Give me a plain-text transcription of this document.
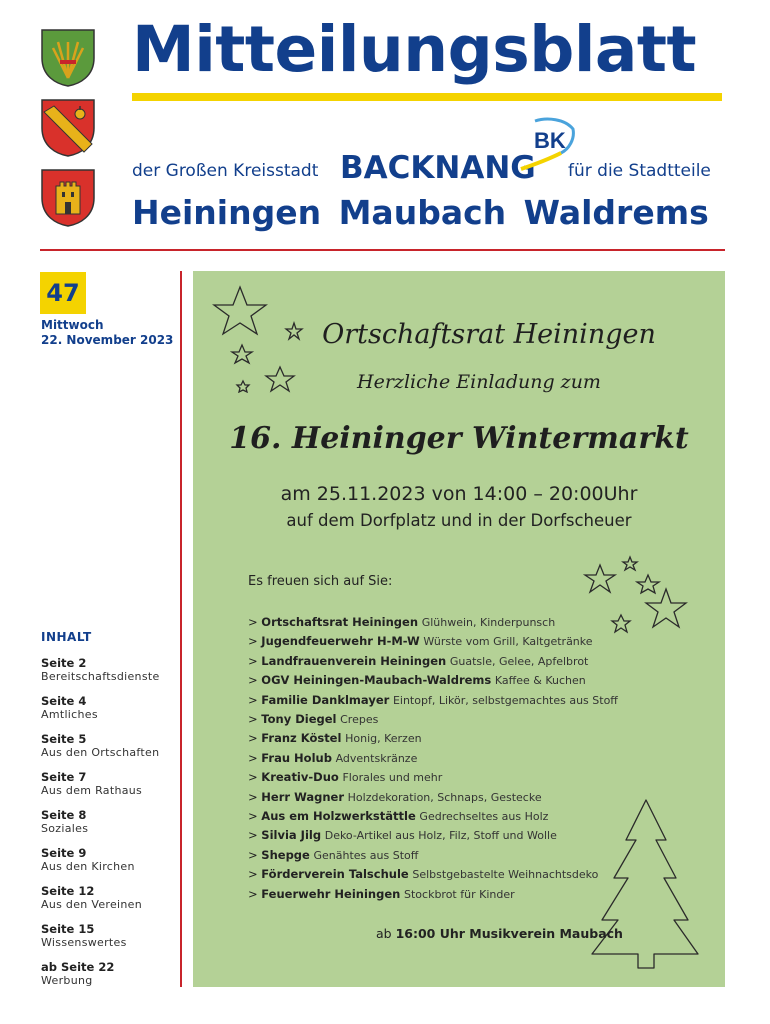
Mitteilungsblatt
der Großen Kreisstadt BACKNANG
BK
für die Stadtteile
Heiningen Maubach Waldrems
47
Mittwoch
22. November 2023
INHALT
Seite 2
Bereitschaftsdienste
Seite 4
Amtliches
Seite 5
Aus den Ortschaften
Seite 7
Aus dem Rathaus
Seite 8
Soziales
Seite 9
Aus den Kirchen
Seite 12
Aus den Vereinen
Seite 15
Wissenswertes
ab Seite 22
Werbung
Ortschaftsrat Heiningen
Herzliche Einladung zum
16. Heininger Wintermarkt
am 25.11.2023 von 14:00 – 20:00Uhr
auf dem Dorfplatz und in der Dorfscheuer
Es freuen sich auf Sie:
> Ortschaftsrat Heiningen Glühwein, Kinderpunsch
> Jugendfeuerwehr H-M-W Würste vom Grill, Kaltgetränke
> Landfrauenverein Heiningen Guatsle, Gelee, Apfelbrot
> OGV Heiningen-Maubach-Waldrems Kaffee & Kuchen
> Familie Danklmayer Eintopf, Likör, selbstgemachtes aus Stoff
> Tony Diegel Crepes
> Franz Köstel Honig, Kerzen
> Frau Holub Adventskränze
> Kreativ-Duo Florales und mehr
> Herr Wagner Holzdekoration, Schnaps, Gestecke
> Aus em Holzwerkstättle Gedrechseltes aus Holz
> Silvia Jilg Deko-Artikel aus Holz, Filz, Stoff und Wolle
> Shepge Genähtes aus Stoff
> Förderverein Talschule Selbstgebastelte Weihnachtsdeko
> Feuerwehr Heiningen Stockbrot für Kinder
ab 16:00 Uhr Musikverein Maubach
